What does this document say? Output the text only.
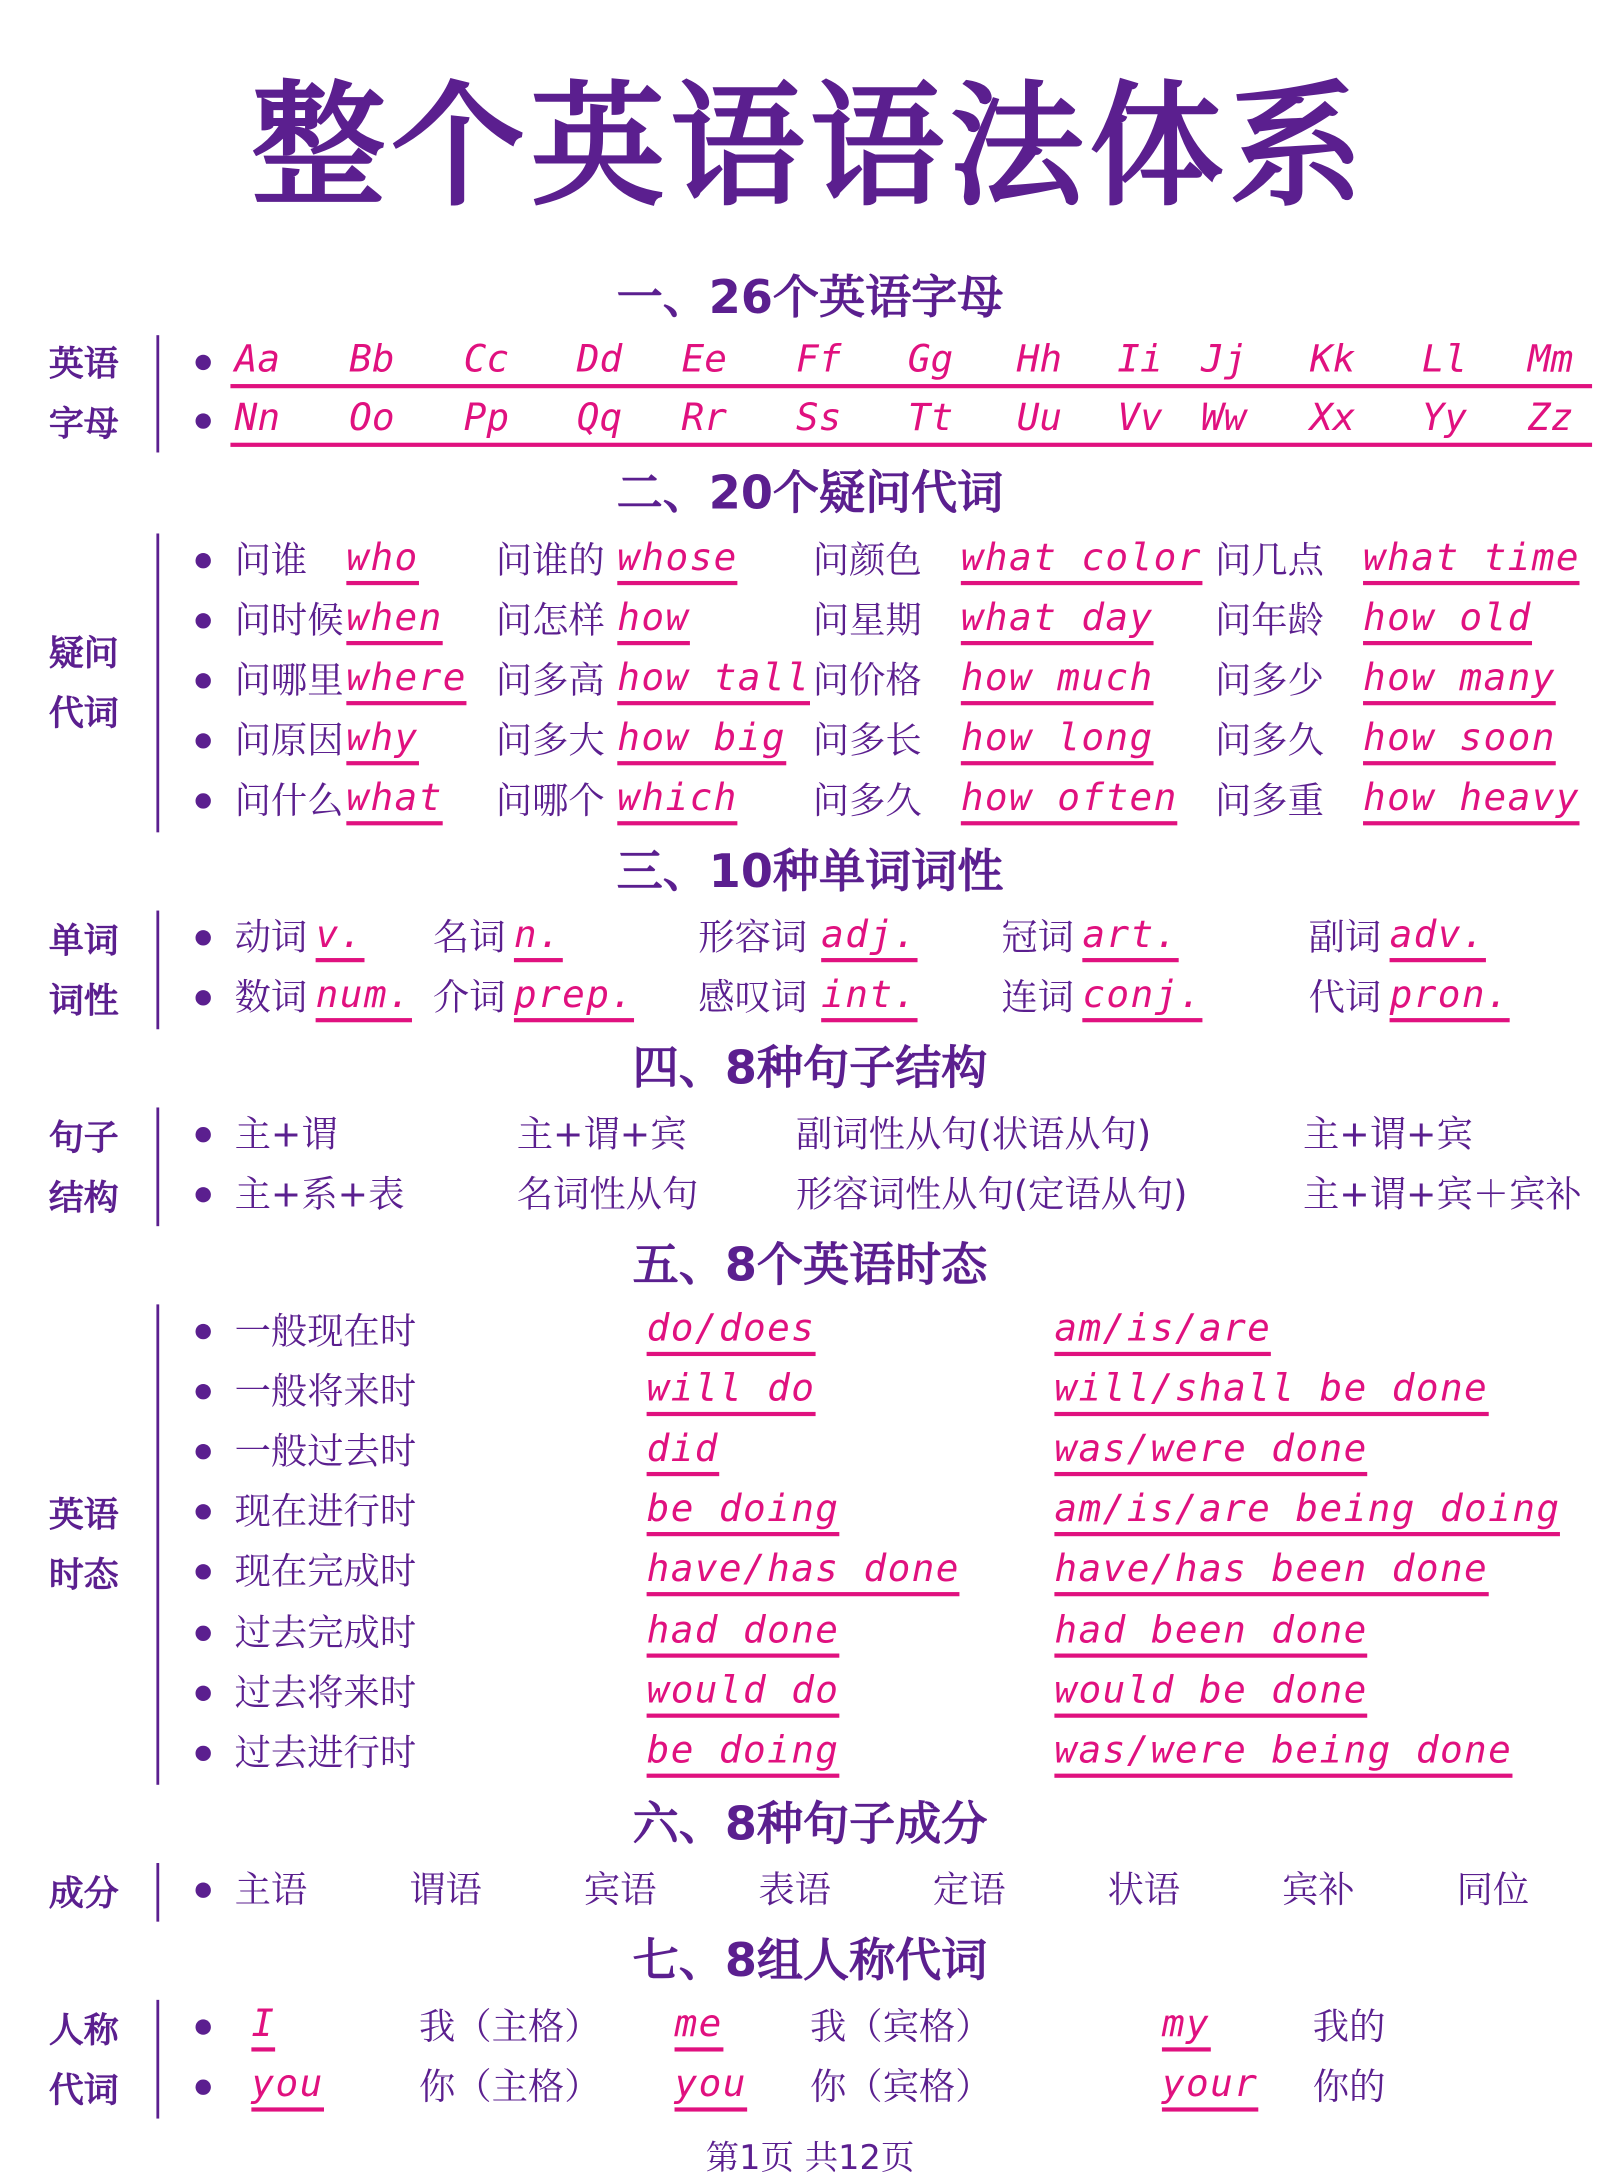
整个英语语法体系
一、26个英语字母
英语
字母
Aa	Bb	Cc	Dd Ee	Ff Gg Hh Ii Jj Kk Ll Mm
Nn	Oo	Pp	Qq Rr	Ss Tt Uu Vv Ww Xx Yy Zz
二、20个疑问代词
疑问
代词
问谁 who	问谁的 whose	问颜色 what color 问几点 what time
问时候 when 问怎样 how	问星期 what day 问年龄 how old
问哪里 where 问多高 how tall 问价格 how much 问多少 how many
问原因 why	问多大 how big 问多长 how long 问多久 how soon
问什么 what 问哪个 which	问多久 how often 问多重 how heavy
三、10种单词词性
单词
词性
动词 v.	名词 n.	形容词 adj.	冠词 art.	副词 adv.
数词 num. 介词 prep. 感叹词 int.	连词 conj.	代词 pron.
四、8种句子结构
句子
结构
主+谓	主+谓+宾	副词性从句(状语从句)	主+谓+宾
主+系+表	名词性从句	形容词性从句(定语从句)	主+谓+宾＋宾补
五、8个英语时态
英语
时态
一般现在时	do/does	am/is/are
一般将来时	will do	will/shall be done
一般过去时	did	was/were done
现在进行时	be doing	am/is/are being doing
现在完成时	have/has done	have/has been done
过去完成时	had done	had been done
过去将来时	would do	would be done
过去进行时	be doing	was/were being done
六、8种句子成分
成分	主语	谓语	宾语	表语	定语	状语	宾补	同位
七、8组人称代词
人称
代词
I	我（主格）	me	我（宾格）	my	我的
you	你（主格）	you 你（宾格）	your 你的
第1页 共12页
